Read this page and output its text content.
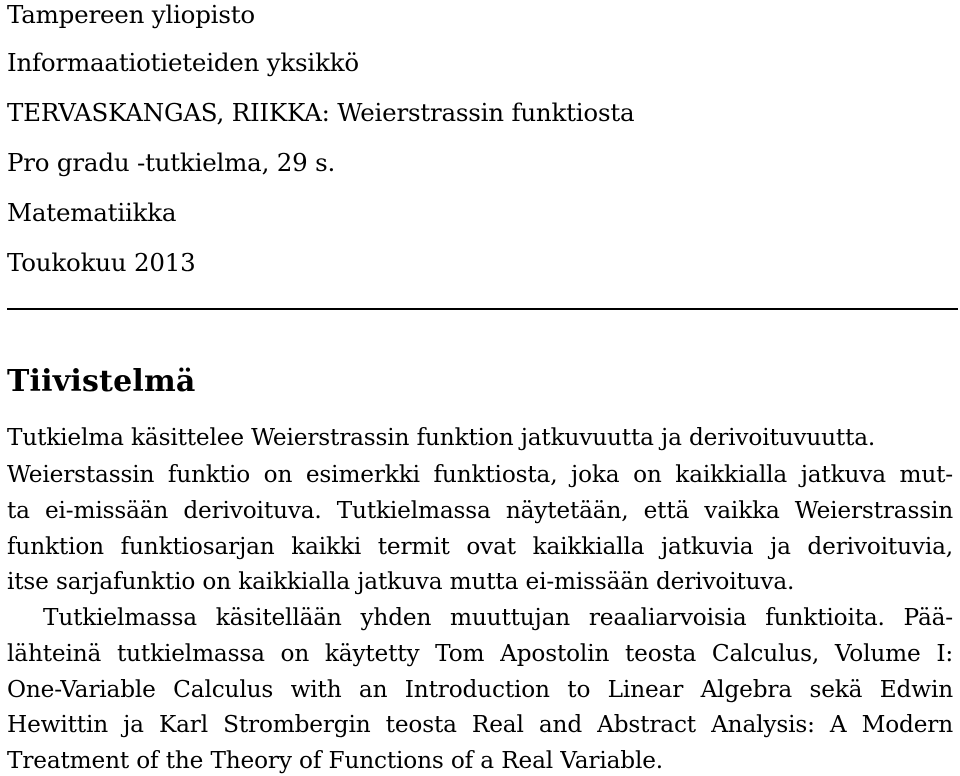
Tampereen yliopisto
Informaatiotieteiden yksikkö
TERVASKANGAS, RIIKKA: Weierstrassin funktiosta
Pro gradu -tutkielma, 29 s.
Matematiikka
Toukokuu 2013
Tiivistelmä
Tutkielma käsittelee Weierstrassin funktion jatkuvuutta ja derivoituvuutta.
Weierstassin funktio on esimerkki funktiosta, joka on kaikkialla jatkuva mut-
ta ei-missään derivoituva. Tutkielmassa näytetään, että vaikka Weierstrassin
funktion funktiosarjan kaikki termit ovat kaikkialla jatkuvia ja derivoituvia,
itse sarjafunktio on kaikkialla jatkuva mutta ei-missään derivoituva.
Tutkielmassa käsitellään yhden muuttujan reaaliarvoisia funktioita. Pää-
lähteinä tutkielmassa on käytetty Tom Apostolin teosta Calculus, Volume I:
One-Variable Calculus with an Introduction to Linear Algebra sekä Edwin
Hewittin ja Karl Strombergin teosta Real and Abstract Analysis: A Modern
Treatment of the Theory of Functions of a Real Variable.
